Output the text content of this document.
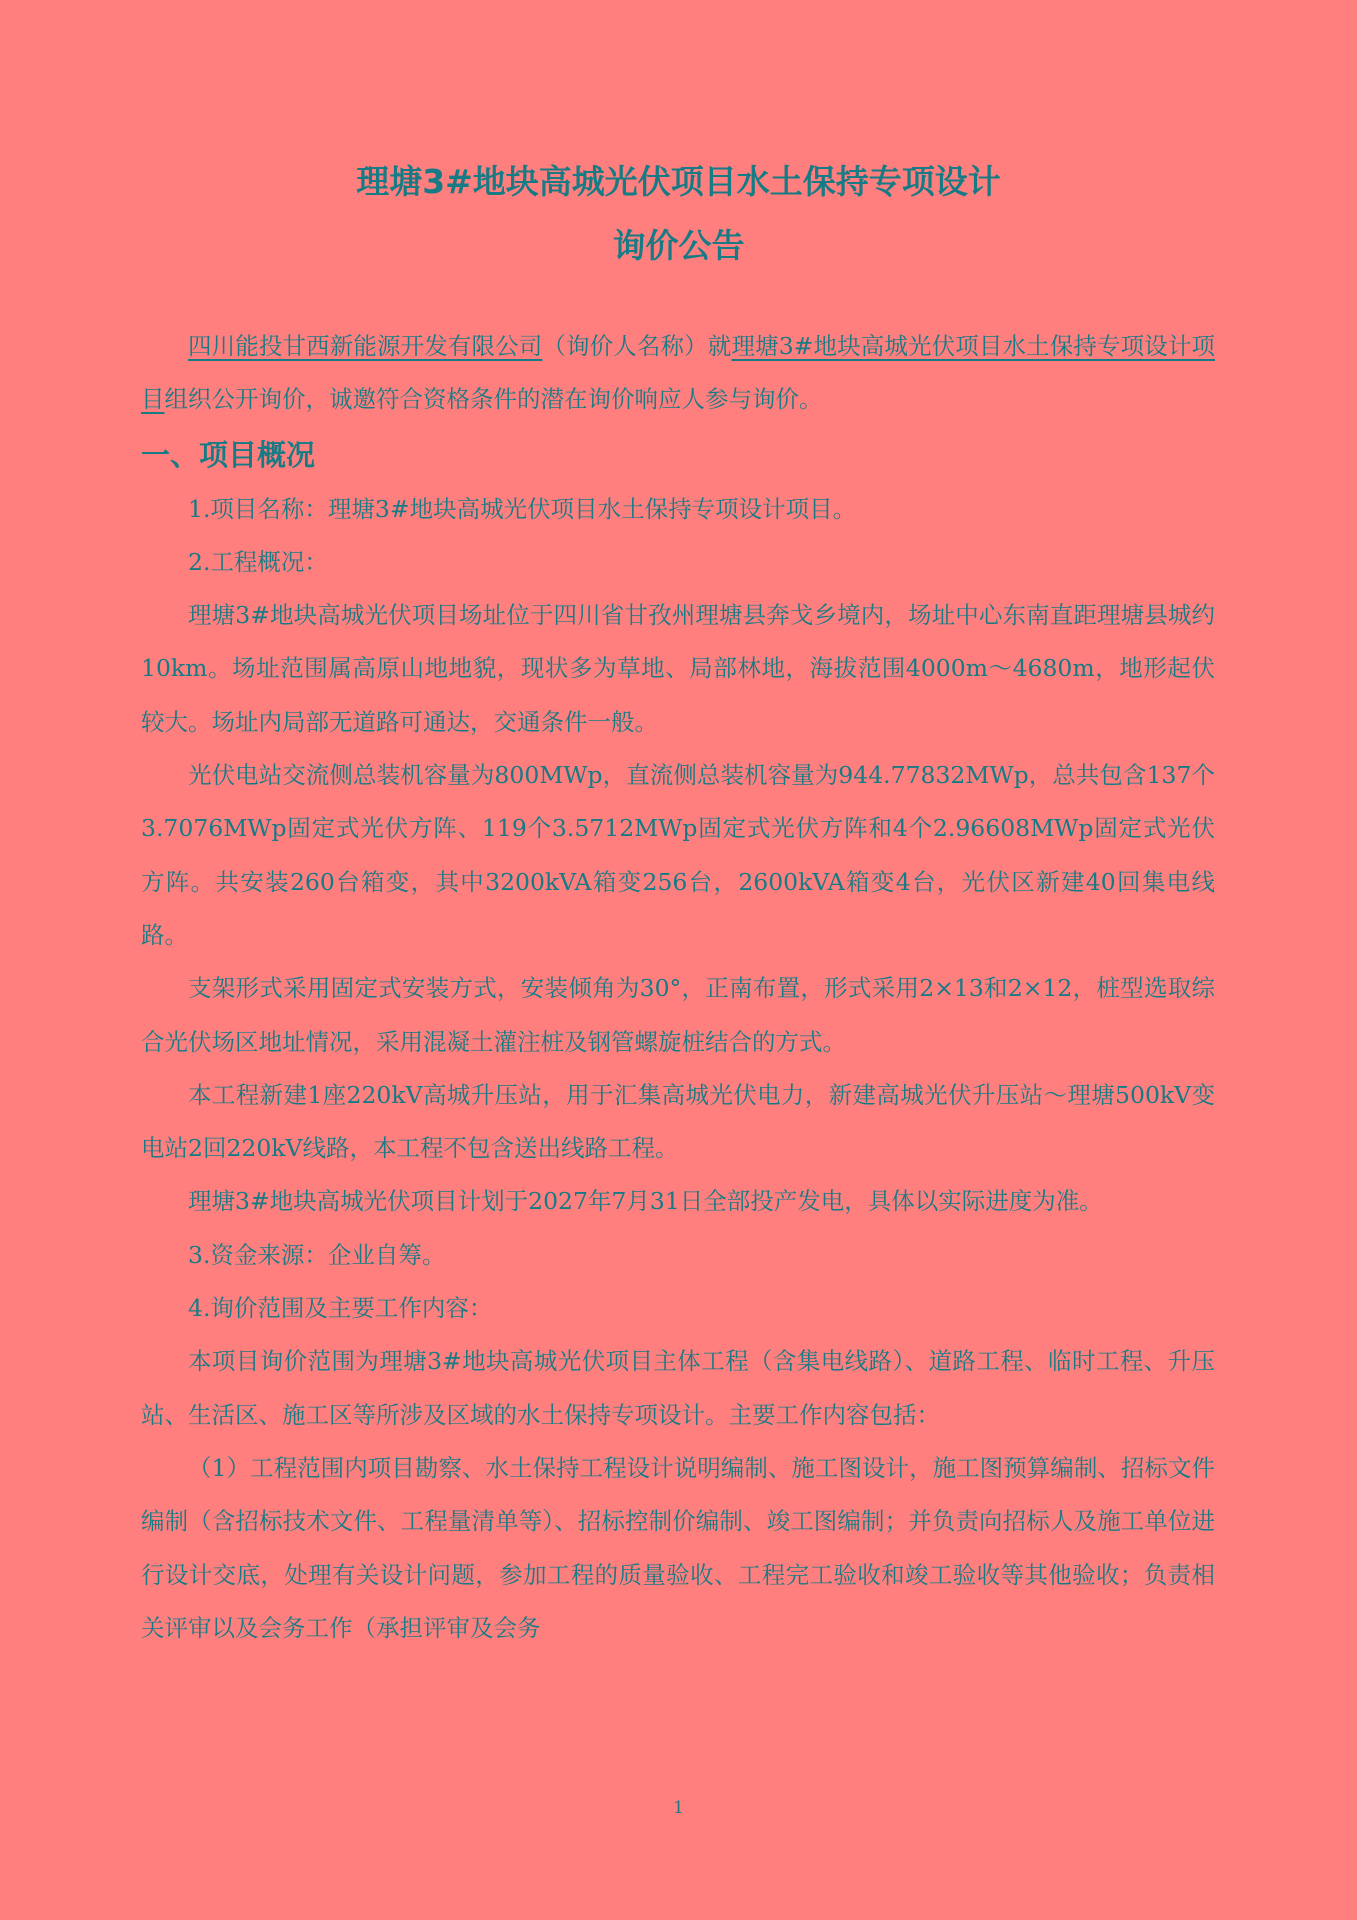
理塘3#地块高城光伏项目水土保持专项设计
询价公告

四川能投甘西新能源开发有限公司（询价人名称）就理塘3#地块高城光伏项目水土保持专项设计项目组织公开询价，诚邀符合资格条件的潜在询价响应人参与询价。

一、项目概况

1.项目名称：理塘3#地块高城光伏项目水土保持专项设计项目。

2.工程概况：

理塘3#地块高城光伏项目场址位于四川省甘孜州理塘县奔戈乡境内，场址中心东南直距理塘县城约10km。场址范围属高原山地地貌，现状多为草地、局部林地，海拔范围4000m～4680m，地形起伏较大。场址内局部无道路可通达，交通条件一般。

光伏电站交流侧总装机容量为800MWp，直流侧总装机容量为944.77832MWp，总共包含137个3.7076MWp固定式光伏方阵、119个3.5712MWp固定式光伏方阵和4个2.96608MWp固定式光伏方阵。共安装260台箱变，其中3200kVA箱变256台，2600kVA箱变4台，光伏区新建40回集电线路。

支架形式采用固定式安装方式，安装倾角为30°，正南布置，形式采用2×13和2×12，桩型选取综合光伏场区地址情况，采用混凝土灌注桩及钢管螺旋桩结合的方式。

本工程新建1座220kV高城升压站，用于汇集高城光伏电力，新建高城光伏升压站～理塘500kV变电站2回220kV线路，本工程不包含送出线路工程。

理塘3#地块高城光伏项目计划于2027年7月31日全部投产发电，具体以实际进度为准。

3.资金来源：企业自筹。

4.询价范围及主要工作内容：

本项目询价范围为理塘3#地块高城光伏项目主体工程（含集电线路）、道路工程、临时工程、升压站、生活区、施工区等所涉及区域的水土保持专项设计。主要工作内容包括：

（1）工程范围内项目勘察、水土保持工程设计说明编制、施工图设计，施工图预算编制、招标文件编制（含招标技术文件、工程量清单等）、招标控制价编制、竣工图编制；并负责向招标人及施工单位进行设计交底，处理有关设计问题，参加工程的质量验收、工程完工验收和竣工验收等其他验收；负责相关评审以及会务工作（承担评审及会务

1
